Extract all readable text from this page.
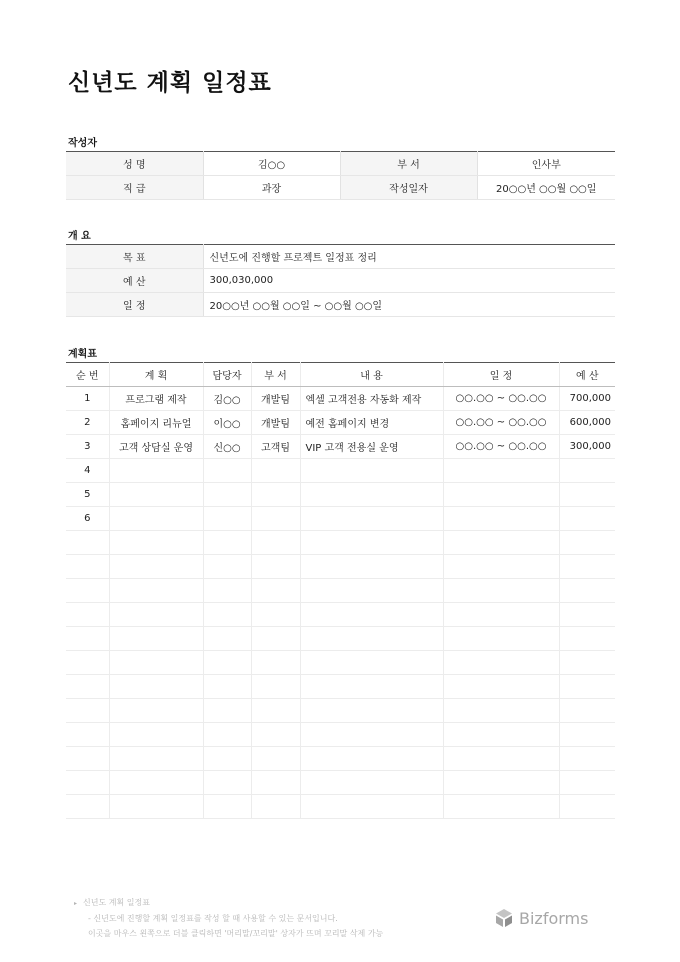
신년도 계획 일정표
작성자
성 명	김○○	부 서	인사부
직 급	과장	작성일자	20○○년 ○○월 ○○일
개 요
목 표	신년도에 진행할 프로젝트 일정표 정리
예 산	300,030,000
일 정	20○○년 ○○월 ○○일 ~ ○○월 ○○일
계획표
순 번	계 획	담당자	부 서	내 용	일 정	예 산
1	프로그램 제작	김○○	개발팀	엑셀 고객전용 자동화 제작	○○.○○ ~ ○○.○○	700,000
2	홈페이지 리뉴얼	이○○	개발팀	예전 홈페이지 변경	○○.○○ ~ ○○.○○	600,000
3	고객 상담실 운영	신○○	고객팀	VIP 고객 전용실 운영	○○.○○ ~ ○○.○○	300,000
4						
5						
6						

▸ 신년도 계획 일정표
- 신년도에 진행할 계획 일정표를 작성 할 때 사용할 수 있는 문서입니다.
이곳을 마우스 왼쪽으로 더블 클릭하면 '머리말/꼬리말' 상자가 뜨며 꼬리말 삭제 가능
Bizforms
